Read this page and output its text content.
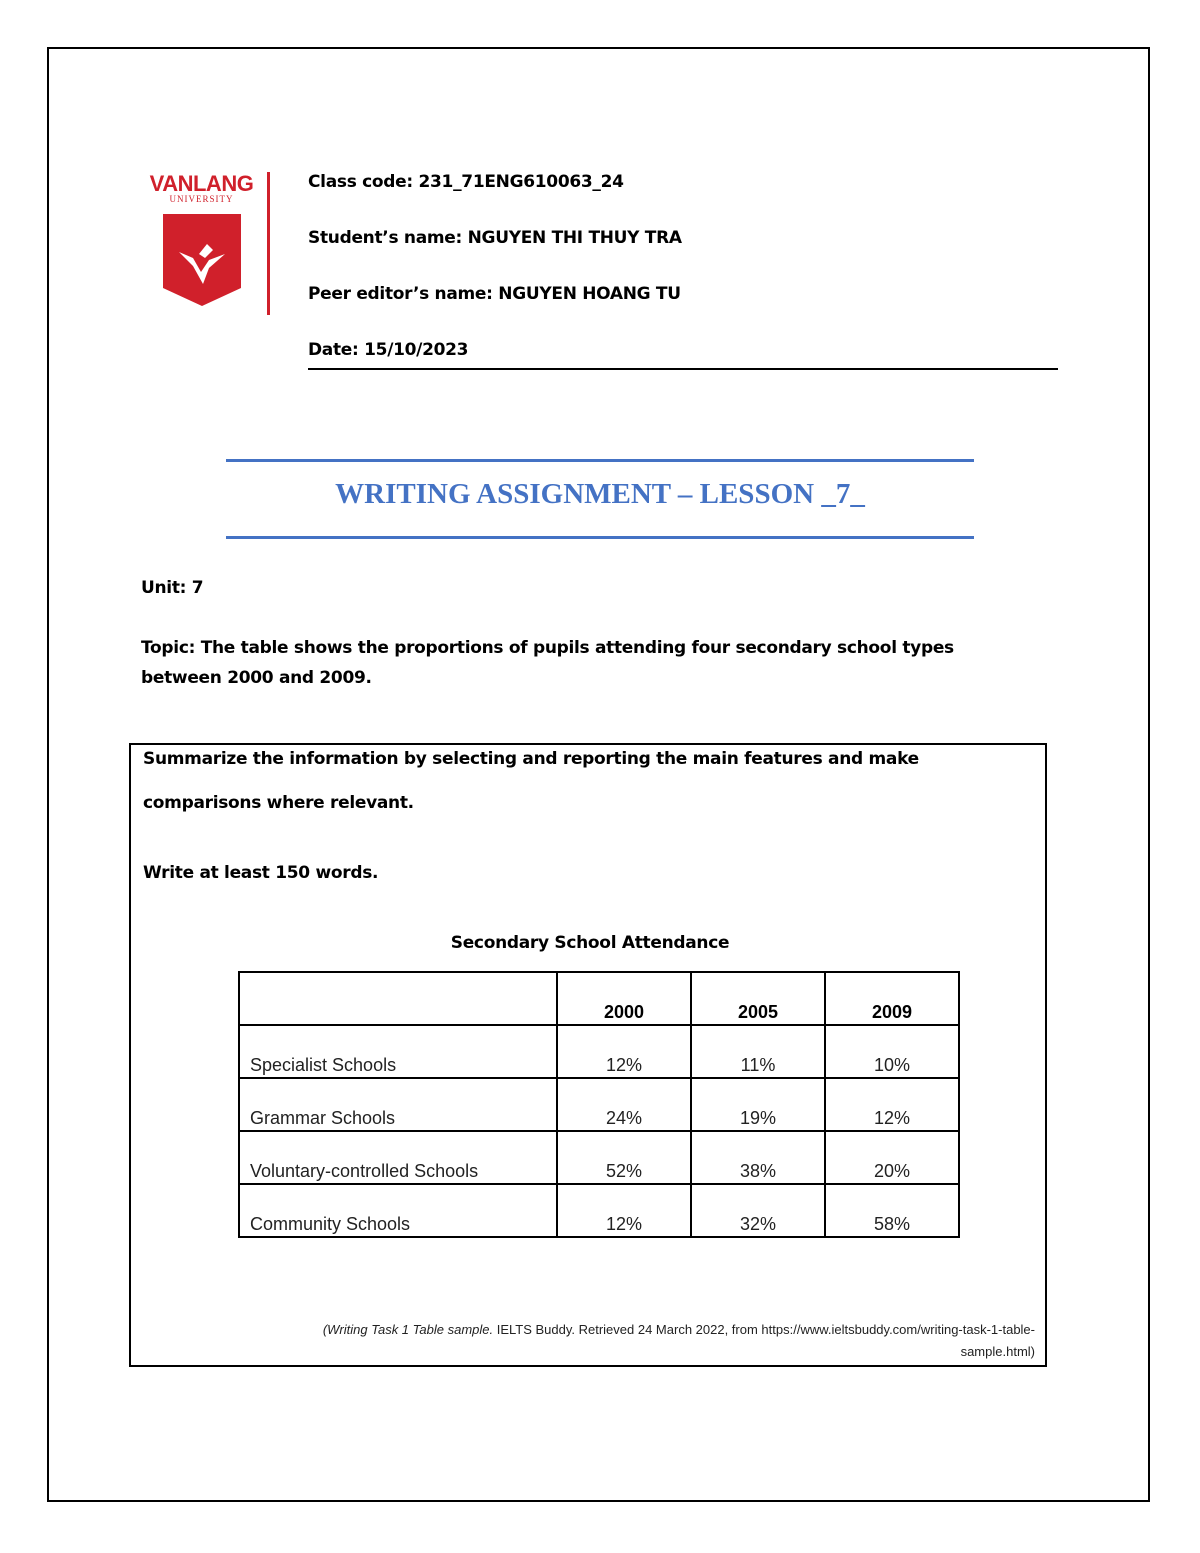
VANLANG
UNIVERSITY
Class code: 231_71ENG610063_24
Student’s name: NGUYEN THI THUY TRA
Peer editor’s name: NGUYEN HOANG TU
Date: 15/10/2023
WRITING ASSIGNMENT – LESSON _7_
Unit: 7
Topic: The table shows the proportions of pupils attending four secondary school types between 2000 and 2009.
Summarize the information by selecting and reporting the main features and make
comparisons where relevant.
Write at least 150 words.
Secondary School Attendance
	2000	2005	2009
Specialist Schools	12%	11%	10%
Grammar Schools	24%	19%	12%
Voluntary-controlled Schools	52%	38%	20%
Community Schools	12%	32%	58%
(Writing Task 1 Table sample. IELTS Buddy. Retrieved 24 March 2022, from https://www.ieltsbuddy.com/writing-task-1-table-
sample.html)
